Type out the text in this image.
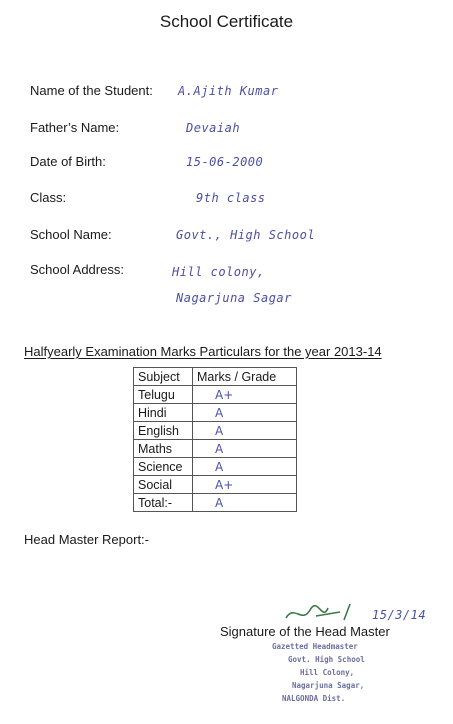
School Certificate
Name of the Student: A.Ajith Kumar
Father’s Name:	Devaiah
Date of Birth:	15-06-2000
Class:	9th class
School Name:	Govt., High School
School Address:	Hill colony,
Nagarjuna Sagar
Halfyearly Examination Marks Particulars for the year 2013-14
Subject	Marks / Grade
Telugu	A+
Hindi	A
English	A
Maths	A
Science	A
Social	A+
Total:-	A
Head Master Report:-
15/3/14
Signature of the Head Master
Gazetted Headmaster
Govt. High School
Hill Colony,
Nagarjuna Sagar,
NALGONDA Dist.
